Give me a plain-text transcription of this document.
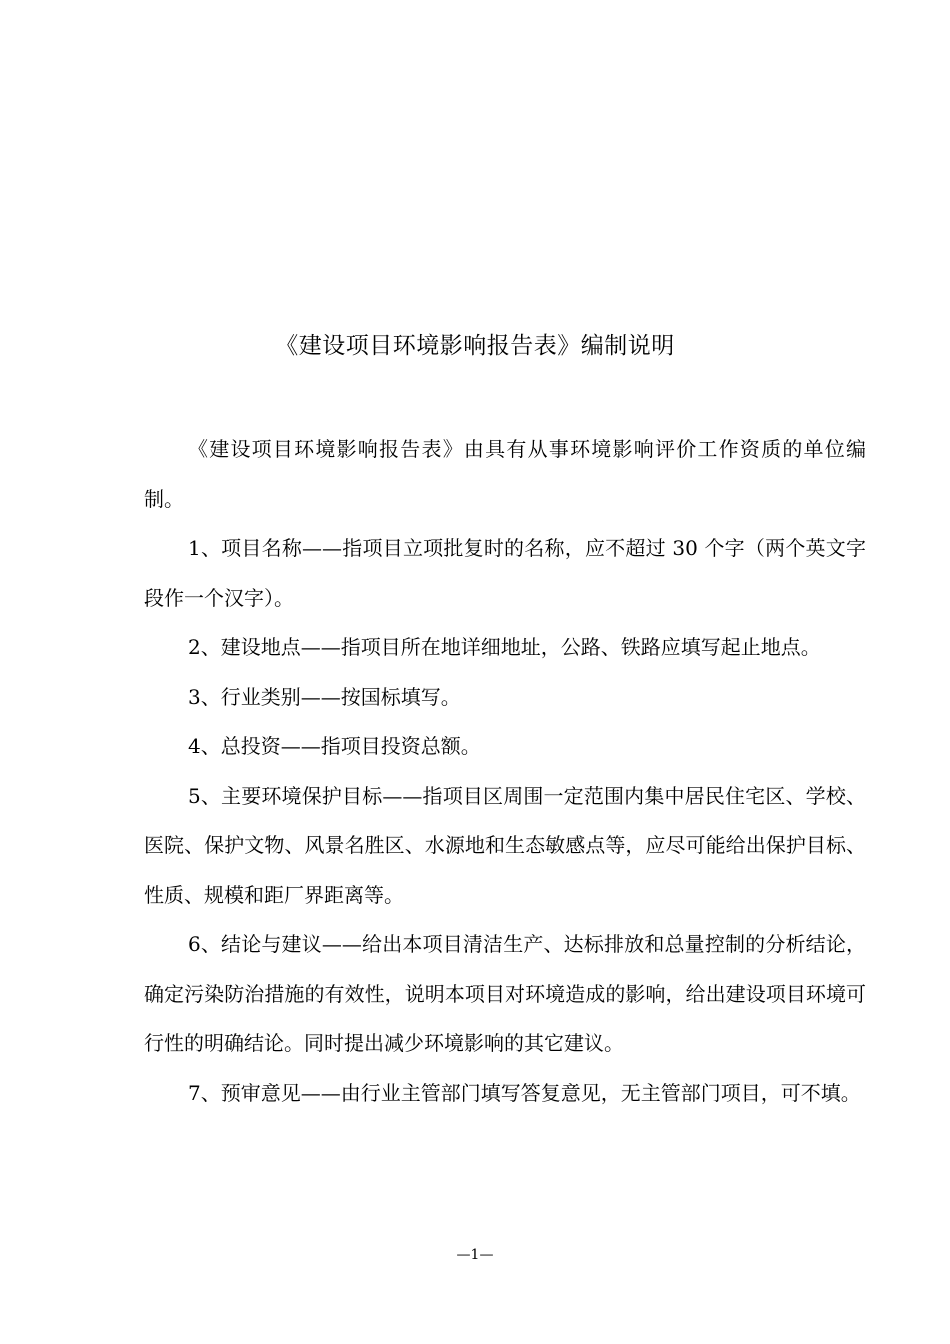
《建设项目环境影响报告表》编制说明

《建设项目环境影响报告表》由具有从事环境影响评价工作资质的单位编制。

1、项目名称——指项目立项批复时的名称，应不超过 30 个字（两个英文字段作一个汉字）。

2、建设地点——指项目所在地详细地址，公路、铁路应填写起止地点。

3、行业类别——按国标填写。

4、总投资——指项目投资总额。

5、主要环境保护目标——指项目区周围一定范围内集中居民住宅区、学校、医院、保护文物、风景名胜区、水源地和生态敏感点等，应尽可能给出保护目标、性质、规模和距厂界距离等。

6、结论与建议——给出本项目清洁生产、达标排放和总量控制的分析结论，确定污染防治措施的有效性，说明本项目对环境造成的影响，给出建设项目环境可行性的明确结论。同时提出减少环境影响的其它建议。

7、预审意见——由行业主管部门填写答复意见，无主管部门项目，可不填。

—1—
